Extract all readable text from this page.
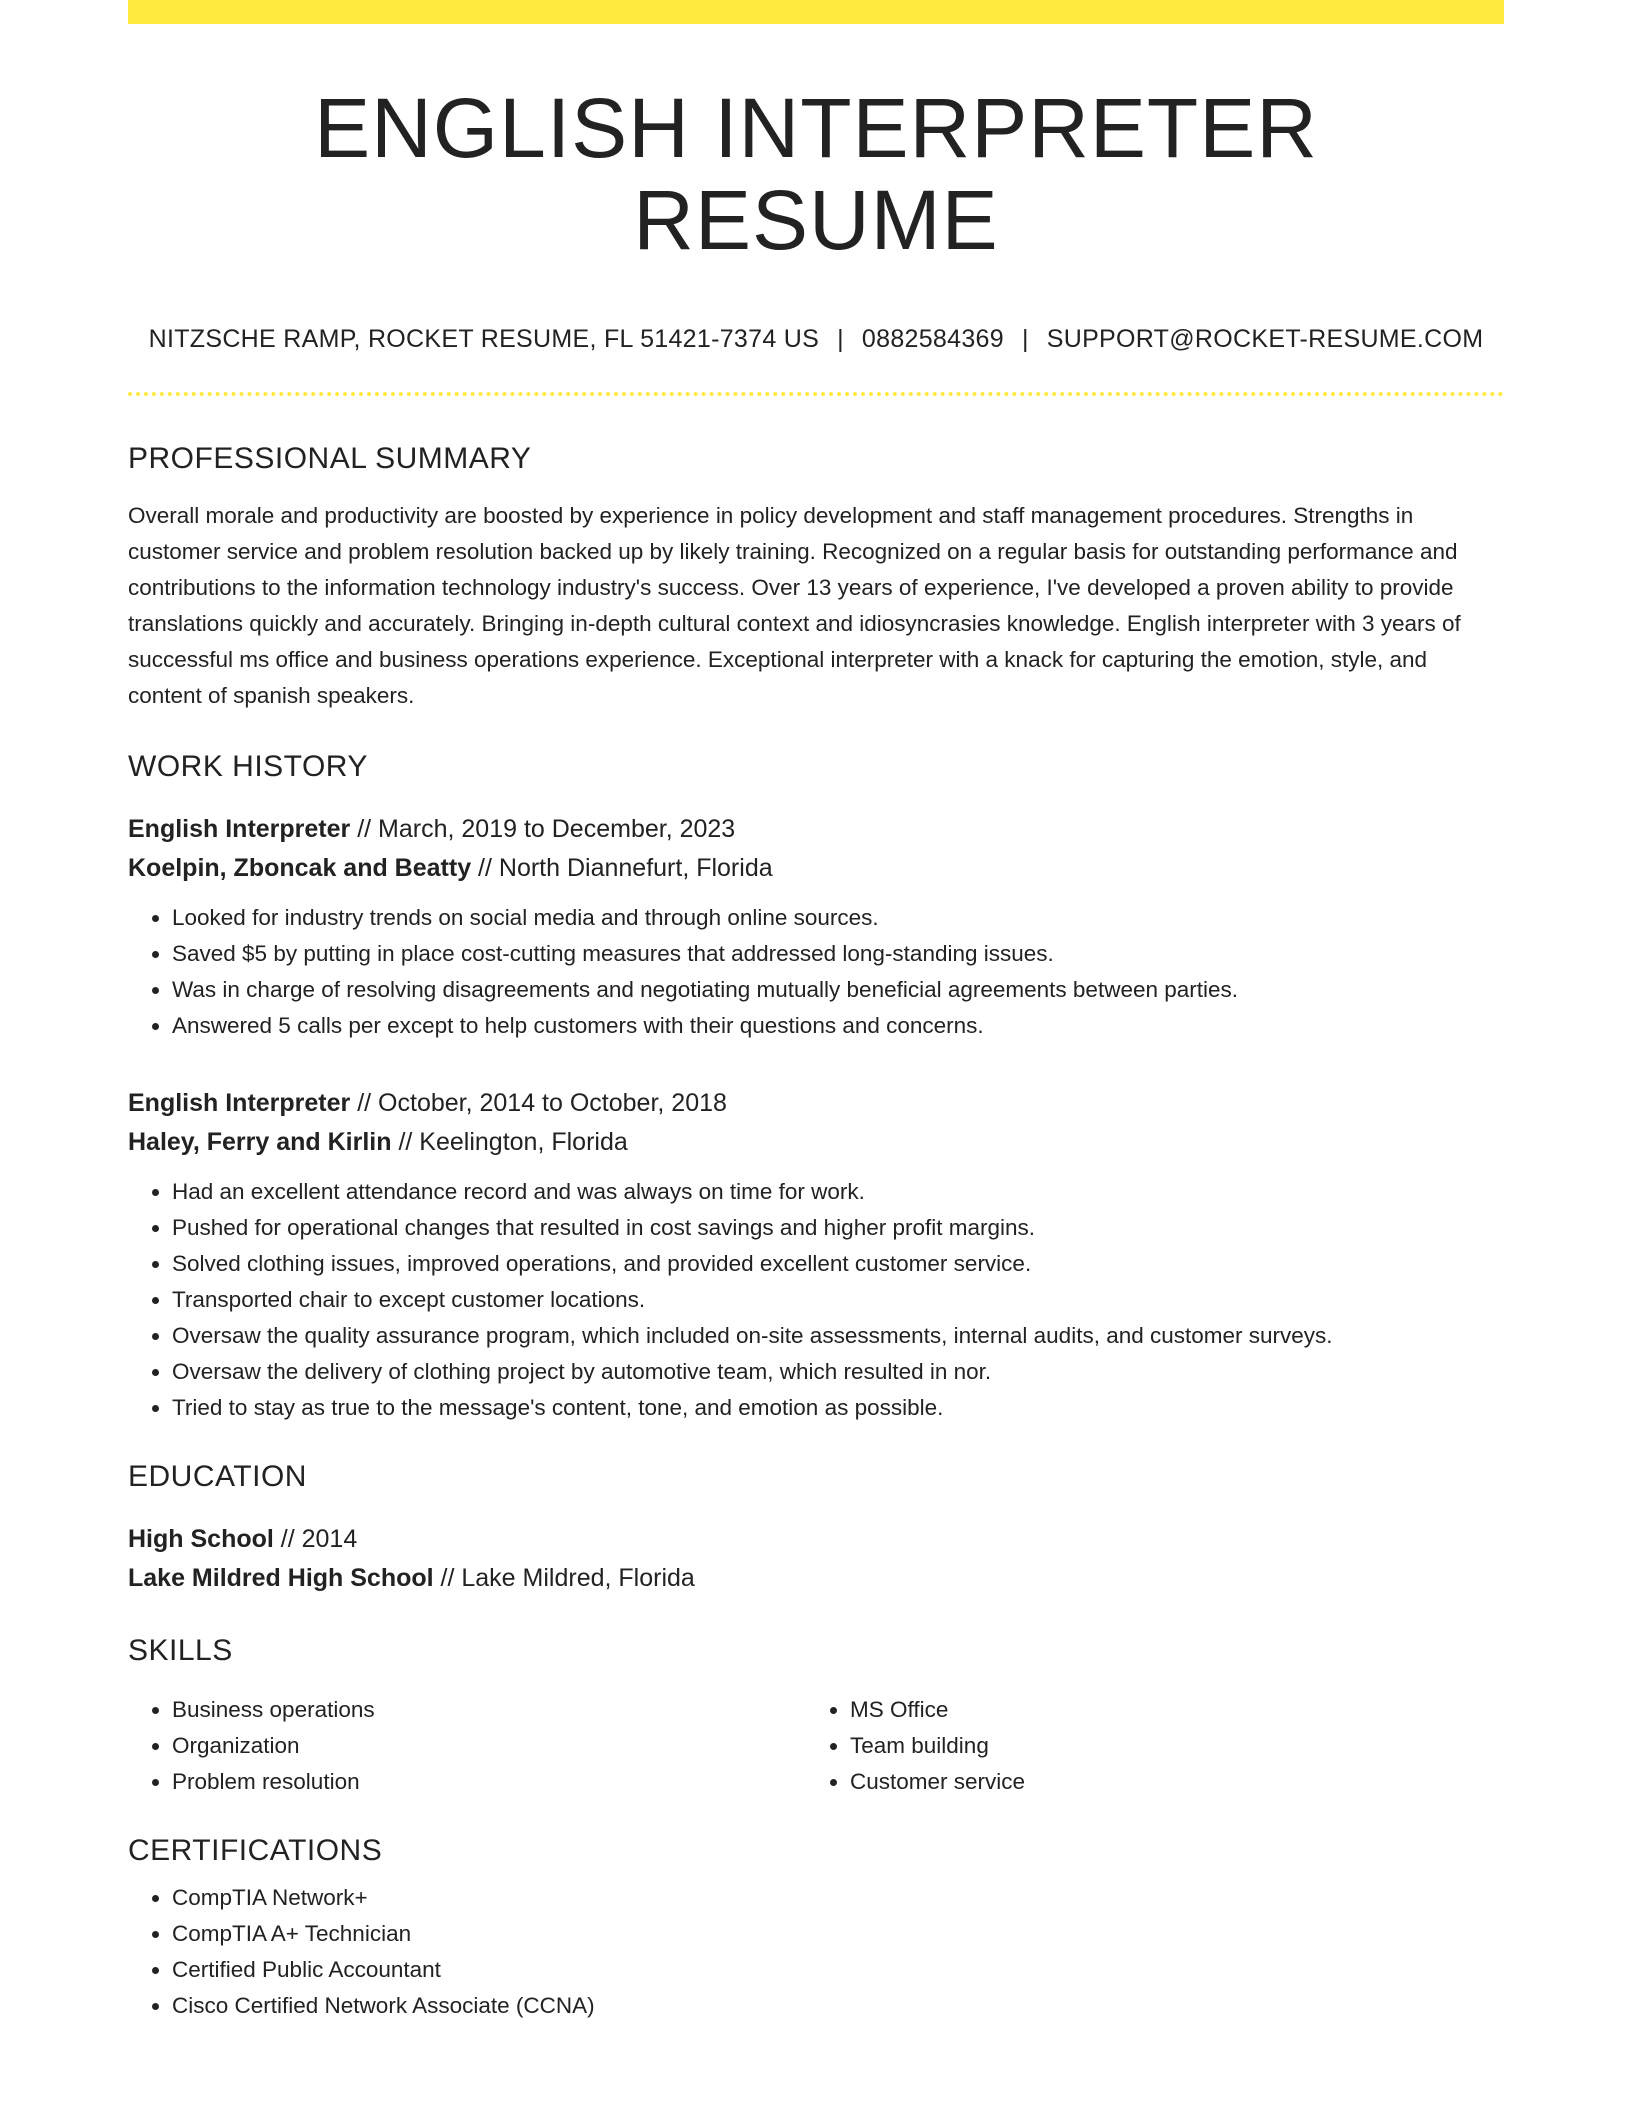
ENGLISH INTERPRETER RESUME
NITZSCHE RAMP, ROCKET RESUME, FL 51421-7374 US | 0882584369 | SUPPORT@ROCKET-RESUME.COM
PROFESSIONAL SUMMARY

Overall morale and productivity are boosted by experience in policy development and staff management procedures. Strengths in customer service and problem resolution backed up by likely training. Recognized on a regular basis for outstanding performance and contributions to the information technology industry's success. Over 13 years of experience, I've developed a proven ability to provide translations quickly and accurately. Bringing in-depth cultural context and idiosyncrasies knowledge. English interpreter with 3 years of successful ms office and business operations experience. Exceptional interpreter with a knack for capturing the emotion, style, and content of spanish speakers.

WORK HISTORY
English Interpreter // March, 2019 to December, 2023
Koelpin, Zboncak and Beatty // North Diannefurt, Florida
• Looked for industry trends on social media and through online sources.
• Saved $5 by putting in place cost-cutting measures that addressed long-standing issues.
• Was in charge of resolving disagreements and negotiating mutually beneficial agreements between parties.
• Answered 5 calls per except to help customers with their questions and concerns.
English Interpreter // October, 2014 to October, 2018
Haley, Ferry and Kirlin // Keelington, Florida
• Had an excellent attendance record and was always on time for work.
• Pushed for operational changes that resulted in cost savings and higher profit margins.
• Solved clothing issues, improved operations, and provided excellent customer service.
• Transported chair to except customer locations.
• Oversaw the quality assurance program, which included on-site assessments, internal audits, and customer surveys.
• Oversaw the delivery of clothing project by automotive team, which resulted in nor.
• Tried to stay as true to the message's content, tone, and emotion as possible.
EDUCATION
High School // 2014
Lake Mildred High School // Lake Mildred, Florida
SKILLS
• Business operations
• Organization
• Problem resolution
• MS Office
• Team building
• Customer service
CERTIFICATIONS
• CompTIA Network+
• CompTIA A+ Technician
• Certified Public Accountant
• Cisco Certified Network Associate (CCNA)
